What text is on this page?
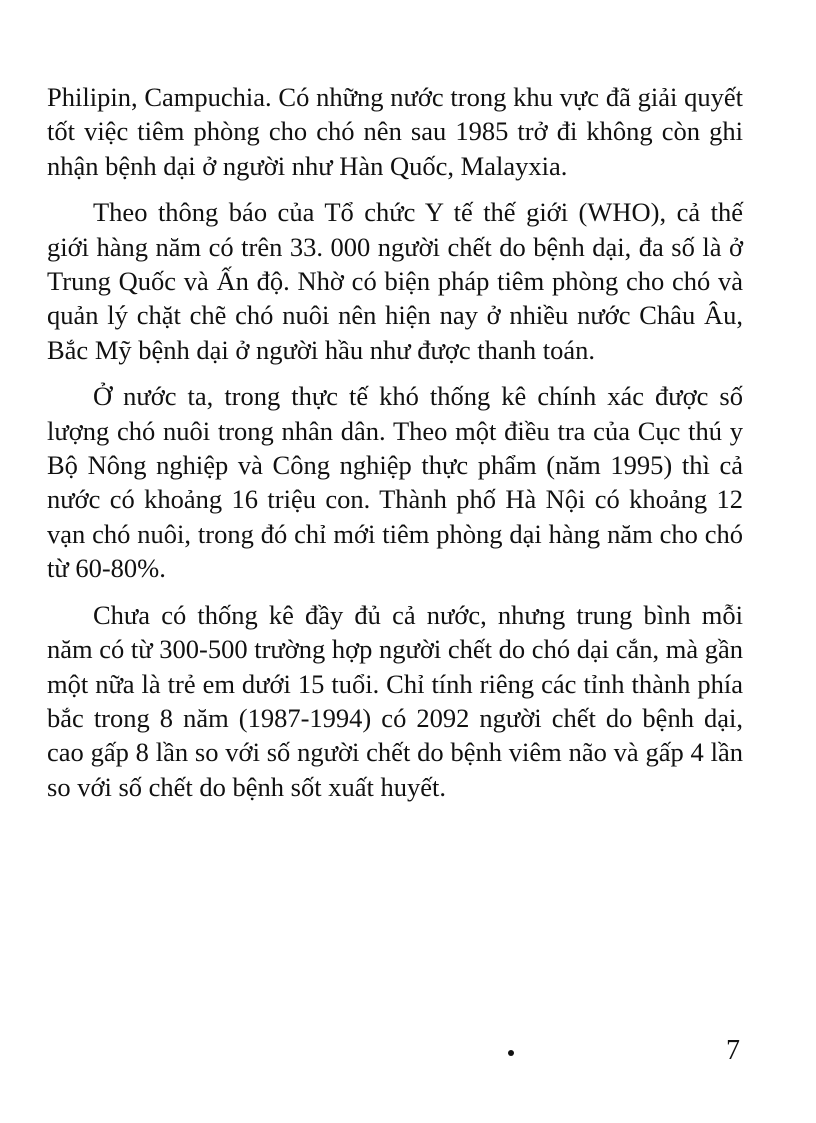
Philipin, Campuchia. Có những nước trong khu vực đã giải quyết tốt việc tiêm phòng cho chó nên sau 1985 trở đi không còn ghi nhận bệnh dại ở người như Hàn Quốc, Malayxia.

Theo thông báo của Tổ chức Y tế thế giới (WHO), cả thế giới hàng năm có trên 33. 000 người chết do bệnh dại, đa số là ở Trung Quốc và Ấn độ. Nhờ có biện pháp tiêm phòng cho chó và quản lý chặt chẽ chó nuôi nên hiện nay ở nhiều nước Châu Âu, Bắc Mỹ bệnh dại ở người hầu như được thanh toán.

Ở nước ta, trong thực tế khó thống kê chính xác được số lượng chó nuôi trong nhân dân. Theo một điều tra của Cục thú y Bộ Nông nghiệp và Công nghiệp thực phẩm (năm 1995) thì cả nước có khoảng 16 triệu con. Thành phố Hà Nội có khoảng 12 vạn chó nuôi, trong đó chỉ mới tiêm phòng dại hàng năm cho chó từ 60-80%.

Chưa có thống kê đầy đủ cả nước, nhưng trung bình mỗi năm có từ 300-500 trường hợp người chết do chó dại cắn, mà gần một nữa là trẻ em dưới 15 tuổi. Chỉ tính riêng các tỉnh thành phía bắc trong 8 năm (1987-1994) có 2092 người chết do bệnh dại, cao gấp 8 lần so với số người chết do bệnh viêm não và gấp 4 lần so với số chết do bệnh sốt xuất huyết.

7
